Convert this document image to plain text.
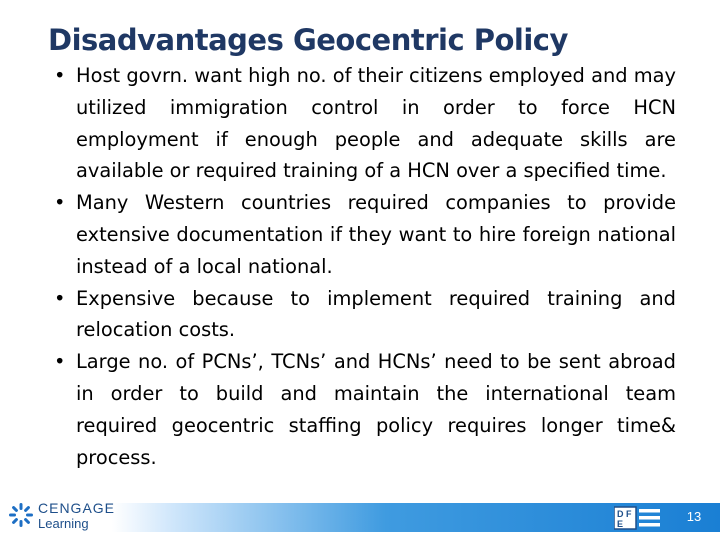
Disadvantages Geocentric Policy
• Host govrn. want high no. of their citizens employed and may utilized immigration control in order to force HCN employment if enough people and adequate skills are available or required training of a HCN over a specified time.
• Many Western countries required companies to provide extensive documentation if they want to hire foreign national instead of a local national.
• Expensive because to implement required training and relocation costs.
• Large no. of PCNs’, TCNs’ and HCNs’ need to be sent abroad in order to build and maintain the international team required geocentric staffing policy requires longer time& process.
CENGAGE
Learning
D F
E	13
